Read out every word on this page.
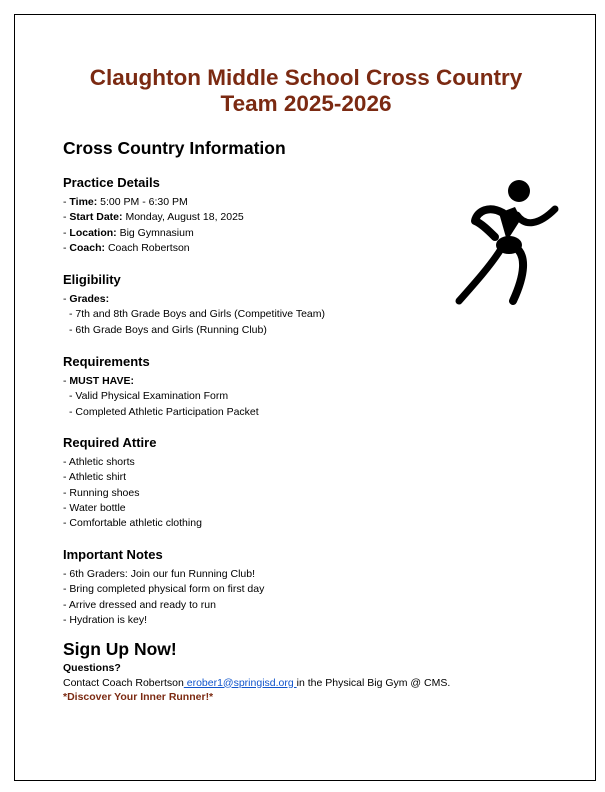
Claughton Middle School Cross Country
Team 2025-2026
Cross Country Information
Practice Details
- Time: 5:00 PM - 6:30 PM
- Start Date: Monday, August 18, 2025
- Location: Big Gymnasium
- Coach: Coach Robertson
Eligibility
- Grades:
- 7th and 8th Grade Boys and Girls (Competitive Team)
- 6th Grade Boys and Girls (Running Club)
Requirements
- MUST HAVE:
- Valid Physical Examination Form
- Completed Athletic Participation Packet
Required Attire
- Athletic shorts
- Athletic shirt
- Running shoes
- Water bottle
- Comfortable athletic clothing
Important Notes
- 6th Graders: Join our fun Running Club!
- Bring completed physical form on first day
- Arrive dressed and ready to run
- Hydration is key!
Sign Up Now!
Questions?
Contact Coach Robertson erober1@springisd.org in the Physical Big Gym @ CMS.
*Discover Your Inner Runner!*
